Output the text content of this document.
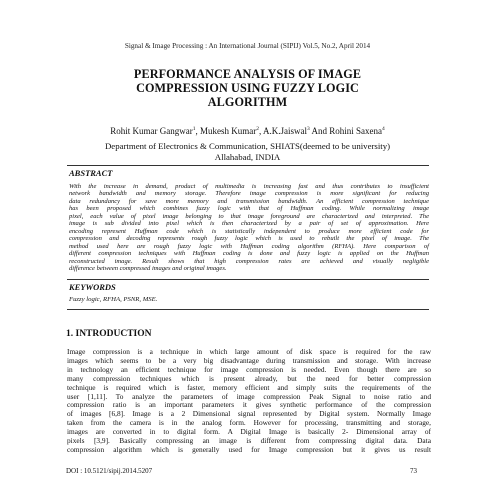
Signal & Image Processing : An International Journal (SIPIJ) Vol.5, No.2, April 2014
PERFORMANCE ANALYSIS OF IMAGE
COMPRESSION USING FUZZY LOGIC
ALGORITHM
Rohit Kumar Gangwar$^1$, Mukesh Kumar$^2$, A.K.Jaiswal$^3$ And Rohini Saxena$^4$
Department of Electronics & Communication, SHIATS(deemed to be university)
Allahabad, INDIA
ABSTRACT
With the increase in demand, product of multimedia is increasing fast and thus contributes to insufficient
network bandwidth and memory storage. Therefore image compression is more significant for reducing
data redundancy for save more memory and transmission bandwidth. An efficient compression technique
has been proposed which combines fuzzy logic with that of Huffman coding. While normalizing image
pixel, each value of pixel image belonging to that image foreground are characterized and interpreted. The
image is sub divided into pixel which is then characterized by a pair of set of approximation. Here
encoding represent Huffman code which is statistically independent to produce more efficient code for
compression and decoding represents rough fuzzy logic which is used to rebuilt the pixel of image. The
method used here are rough fuzzy logic with Huffman coding algorithm (RFHA). Here comparison of
different compression techniques with Huffman coding is done and fuzzy logic is applied on the Huffman
reconstructed image. Result shows that high compression rates are achieved and visually negligible
difference between compressed images and original images.
KEYWORDS
Fuzzy logic, RFHA, PSNR, MSE.
1. INTRODUCTION
Image compression is a technique in which large amount of disk space is required for the raw
images which seems to be a very big disadvantage during transmission and storage. With increase
in technology an efficient technique for image compression is needed. Even though there are so
many compression techniques which is present already, but the need for better compression
technique is required which is faster, memory efficient and simply suits the requirements of the
user [1,11]. To analyze the parameters of image compression Peak Signal to noise ratio and
compression ratio is an important parameters it gives synthetic performance of the compression
of images [6,8]. Image is a 2 Dimensional signal represented by Digital system. Normally Image
taken from the camera is in the analog form. However for processing, transmitting and storage,
images are converted in to digital form. A Digital Image is basically 2- Dimensional array of
pixels [3,9]. Basically compressing an image is different from compressing digital data. Data
compression algorithm which is generally used for Image compression but it gives us result
DOI : 10.5121/sipij.2014.5207	73
